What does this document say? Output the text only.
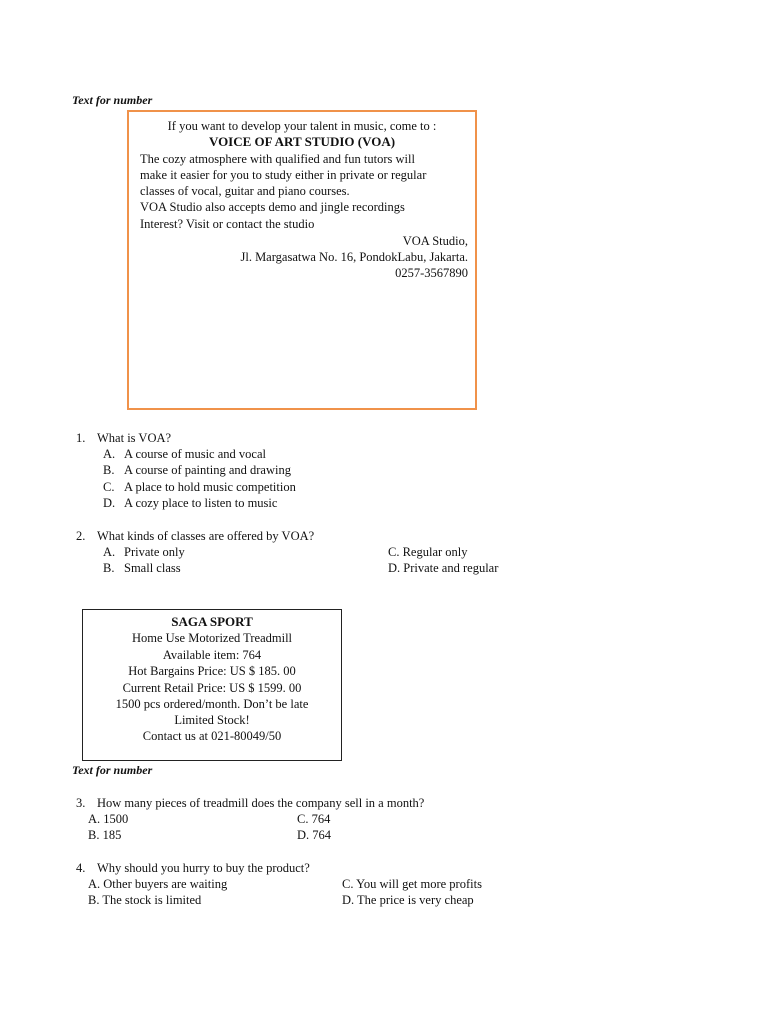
Text for number
If you want to develop your talent in music, come to :
VOICE OF ART STUDIO (VOA)
The cozy atmosphere with qualified and fun tutors will
make it easier for you to study either in private or regular
classes of vocal, guitar and piano courses.
VOA Studio also accepts demo and jingle recordings
Interest? Visit or contact the studio
VOA Studio,
Jl. Margasatwa No. 16, PondokLabu, Jakarta.
0257-3567890
1. What is VOA?
A. A course of music and vocal
B. A course of painting and drawing
C. A place to hold music competition
D. A cozy place to listen to music
2. What kinds of classes are offered by VOA?
A. Private only
B. Small class
C. Regular only
D. Private and regular
SAGA SPORT
Home Use Motorized Treadmill
Available item: 764
Hot Bargains Price: US $ 185. 00
Current Retail Price: US $ 1599. 00
1500 pcs ordered/month. Don’t be late
Limited Stock!
Contact us at 021-80049/50
Text for number
3. How many pieces of treadmill does the company sell in a month?
A. 1500
B. 185
C. 764
D. 764
4. Why should you hurry to buy the product?
A. Other buyers are waiting
B. The stock is limited
C. You will get more profits
D. The price is very cheap
